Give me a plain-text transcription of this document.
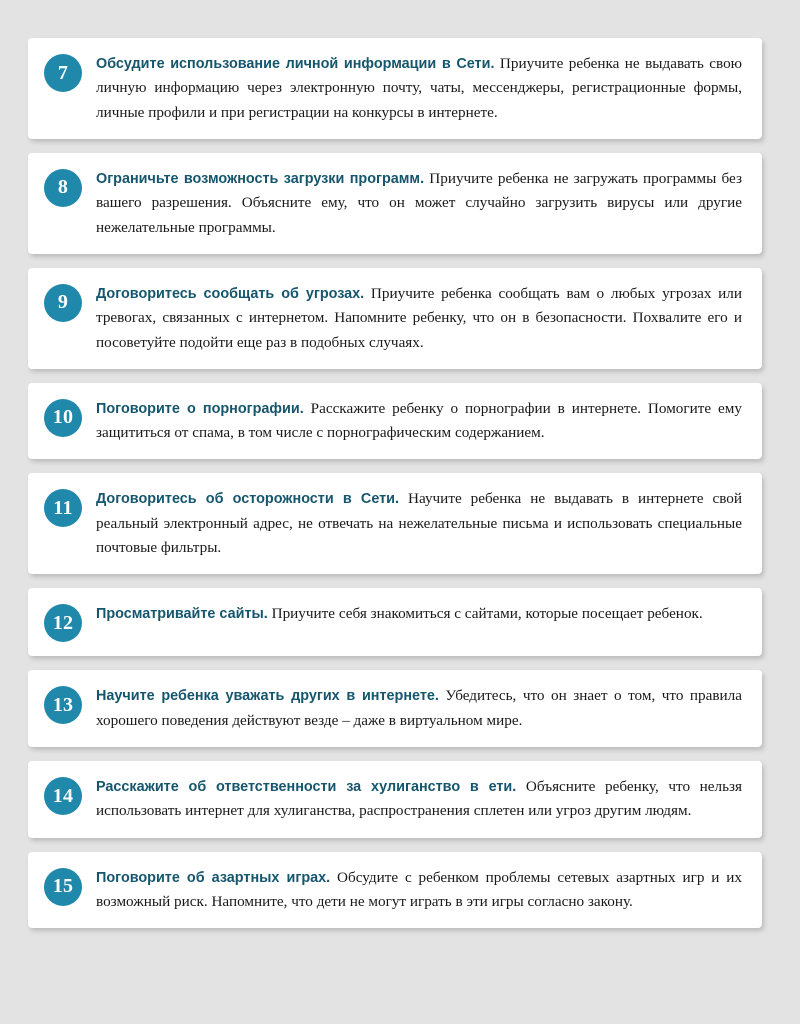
7	Обсудите использование личной информации в Сети. Приучите ребенка не выдавать свою личную информацию через электронную почту, чаты, мессенджеры, регистрационные формы, личные профили и при регистрации на конкурсы в интернете.
8	Ограничьте возможность загрузки программ. Приучите ребенка не загружать программы без вашего разрешения. Объясните ему, что он может случайно загрузить вирусы или другие нежелательные программы.
9	Договоритесь сообщать об угрозах. Приучите ребенка сообщать вам о любых угрозах или тревогах, связанных с интернетом. Напомните ребенку, что он в безопасности. Похвалите его и посоветуйте подойти еще раз в подобных случаях.
10	Поговорите о порнографии. Расскажите ребенку о порнографии в интернете. Помогите ему защититься от спама, в том числе с порнографическим содержанием.
11	Договоритесь об осторожности в Сети. Научите ребенка не выдавать в интернете свой реальный электронный адрес, не отвечать на нежелательные письма и использовать специальные почтовые фильтры.
12	Просматривайте сайты. Приучите себя знакомиться с сайтами, которые посещает ребенок.
13	Научите ребенка уважать других в интернете. Убедитесь, что он знает о том, что правила хорошего поведения действуют везде – даже в виртуальном мире.
14	Расскажите об ответственности за хулиганство в ети. Объясните ребенку, что нельзя использовать интернет для хулиганства, распространения сплетен или угроз другим людям.
15	Поговорите об азартных играх. Обсудите с ребенком проблемы сетевых азартных игр и их возможный риск. Напомните, что дети не могут играть в эти игры согласно закону.
